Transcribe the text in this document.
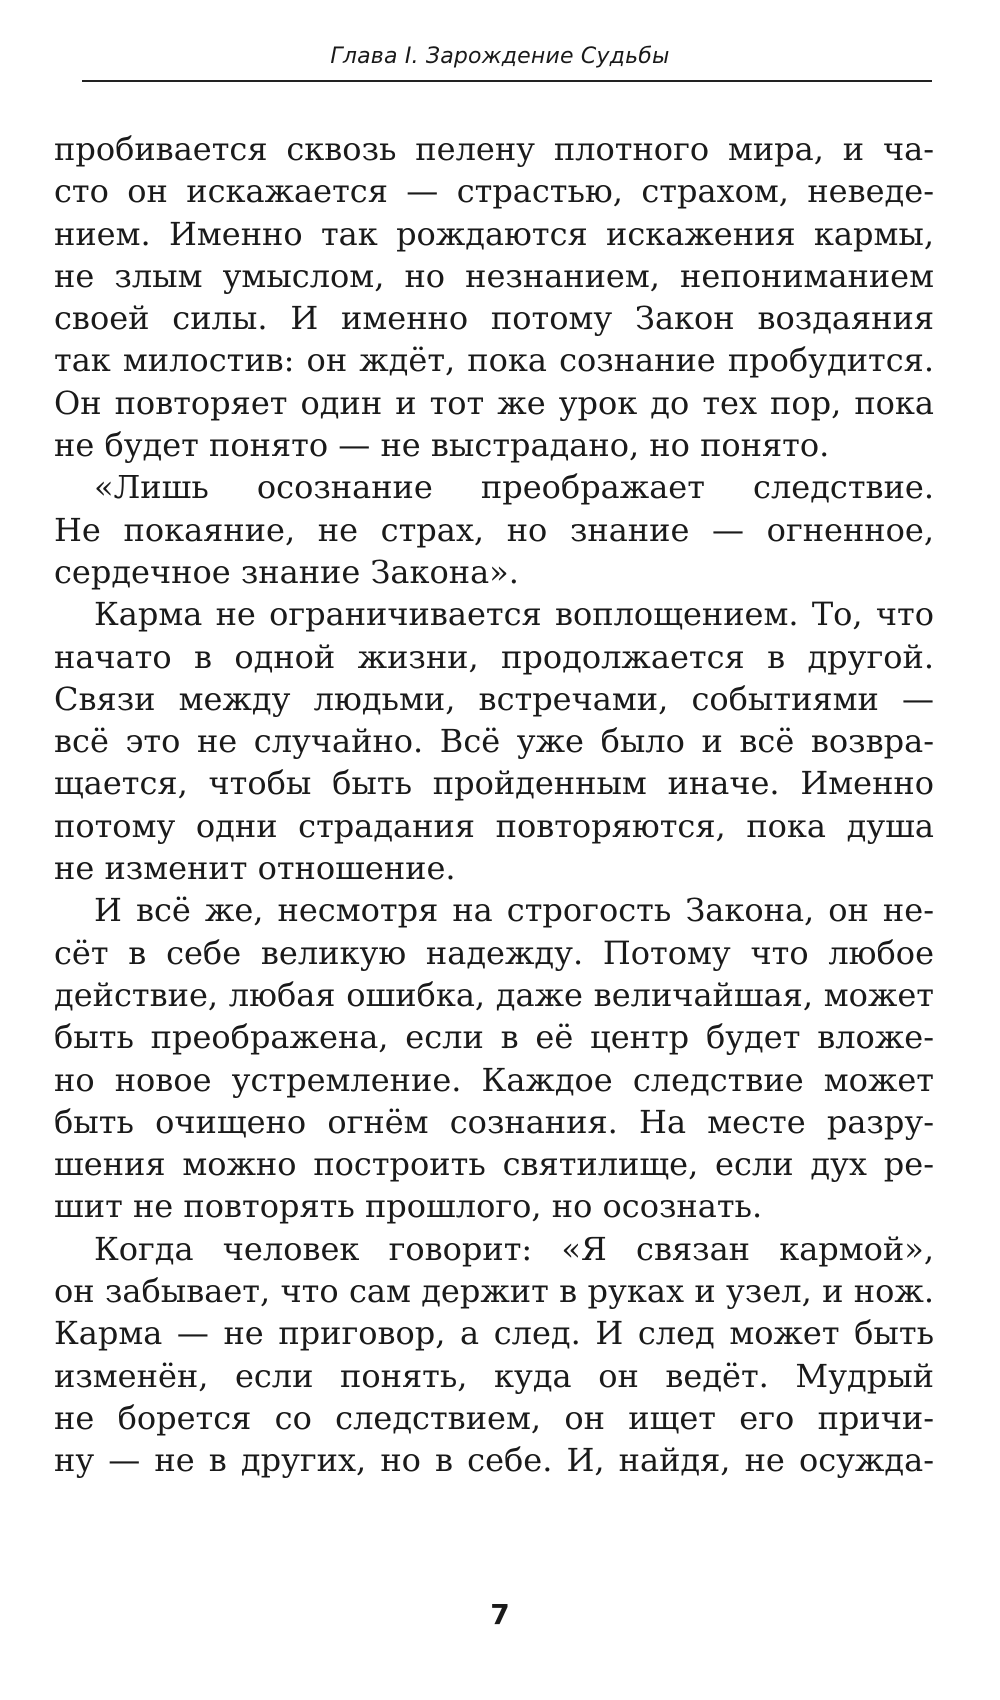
Глава I. Зарождение Судьбы

пробивается сквозь пелену плотного мира, и ча-
сто он искажается — страстью, страхом, неведе-
нием. Именно так рождаются искажения кармы,
не злым умыслом, но незнанием, непониманием
своей силы. И именно потому Закон воздаяния
так милостив: он ждёт, пока сознание пробудится.
Он повторяет один и тот же урок до тех пор, пока
не будет понято — не выстрадано, но понято.

«Лишь осознание преображает следствие.
Не покаяние, не страх, но знание — огненное,
сердечное знание Закона».

Карма не ограничивается воплощением. То, что
начато в одной жизни, продолжается в другой.
Связи между людьми, встречами, событиями —
всё это не случайно. Всё уже было и всё возвра-
щается, чтобы быть пройденным иначе. Именно
потому одни страдания повторяются, пока душа
не изменит отношение.

И всё же, несмотря на строгость Закона, он не-
сёт в себе великую надежду. Потому что любое
действие, любая ошибка, даже величайшая, может
быть преображена, если в её центр будет вложе-
но новое устремление. Каждое следствие может
быть очищено огнём сознания. На месте разру-
шения можно построить святилище, если дух ре-
шит не повторять прошлого, но осознать.

Когда человек говорит: «Я связан кармой»,
он забывает, что сам держит в руках и узел, и нож.
Карма — не приговор, а след. И след может быть
изменён, если понять, куда он ведёт. Мудрый
не борется со следствием, он ищет его причи-
ну — не в других, но в себе. И, найдя, не осужда-

7
